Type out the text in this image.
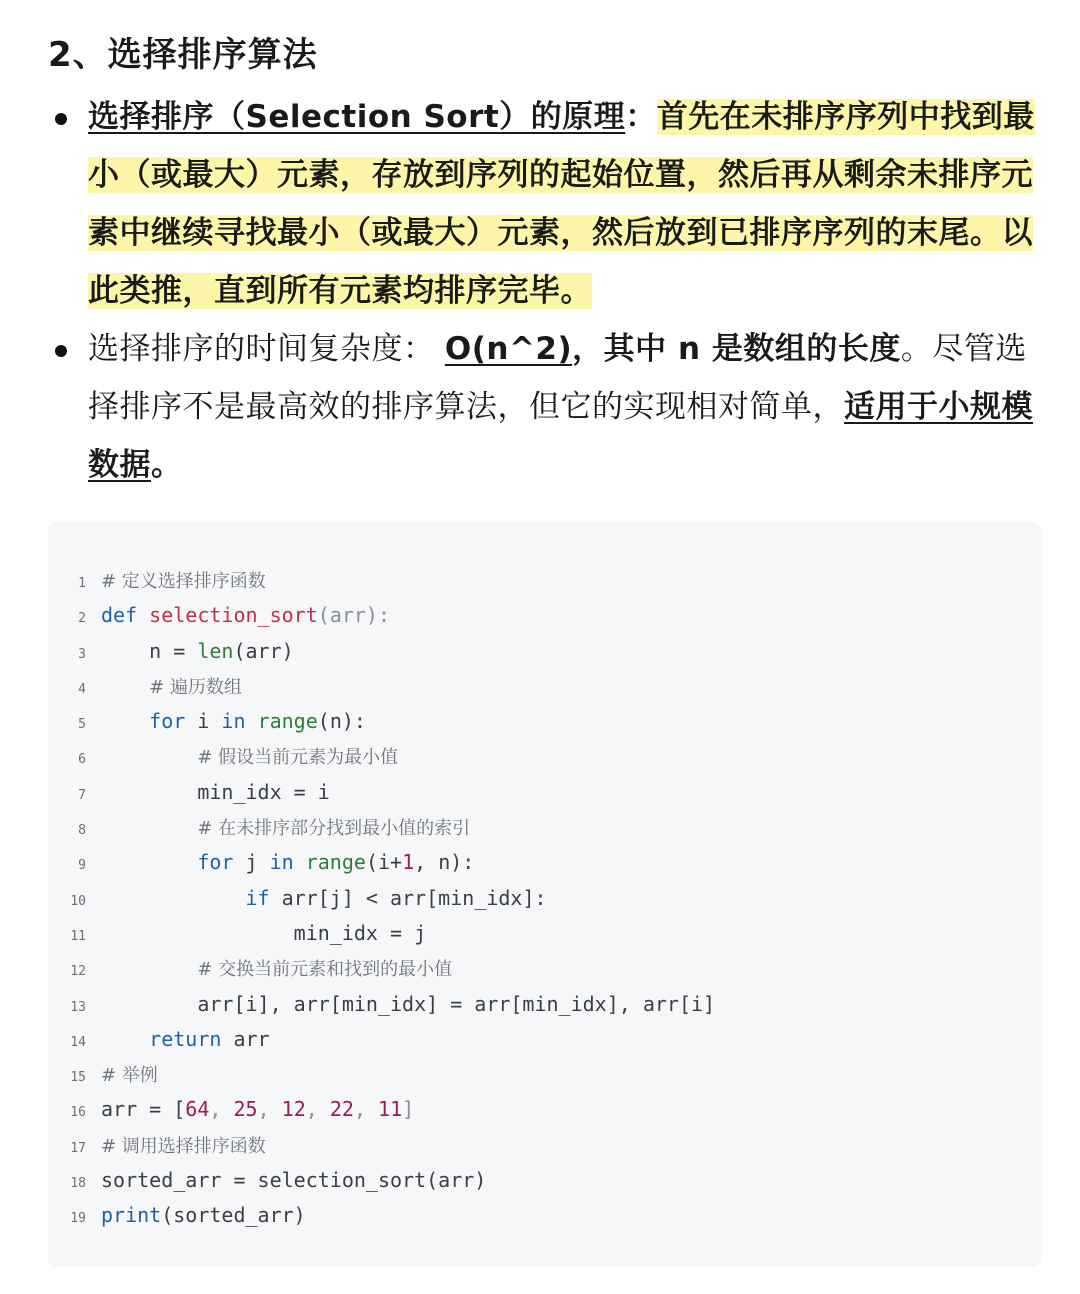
2、选择排序算法
选择排序（Selection Sort）的原理：首先在未排序序列中找到最小（或最大）元素，存放到序列的起始位置，然后再从剩余未排序元素中继续寻找最小（或最大）元素，然后放到已排序序列的末尾。以此类推，直到所有元素均排序完毕。
选择排序的时间复杂度： O(n^2)，其中 n 是数组的长度。尽管选择排序不是最高效的排序算法，但它的实现相对简单，适用于小规模数据。
1 # 定义选择排序函数
2 def selection_sort(arr):
3	n = len(arr)
4	# 遍历数组
5	for i in range(n):
6	# 假设当前元素为最小值
7	min_idx = i
8	# 在未排序部分找到最小值的索引
9	for j in range(i+1, n):
10	if arr[j] < arr[min_idx]:
11	min_idx = j
12	# 交换当前元素和找到的最小值
13	arr[i], arr[min_idx] = arr[min_idx], arr[i]
14	return arr
15 # 举例
16 arr = [64, 25, 12, 22, 11]
17 # 调用选择排序函数
18 sorted_arr = selection_sort(arr)
19 print(sorted_arr)
